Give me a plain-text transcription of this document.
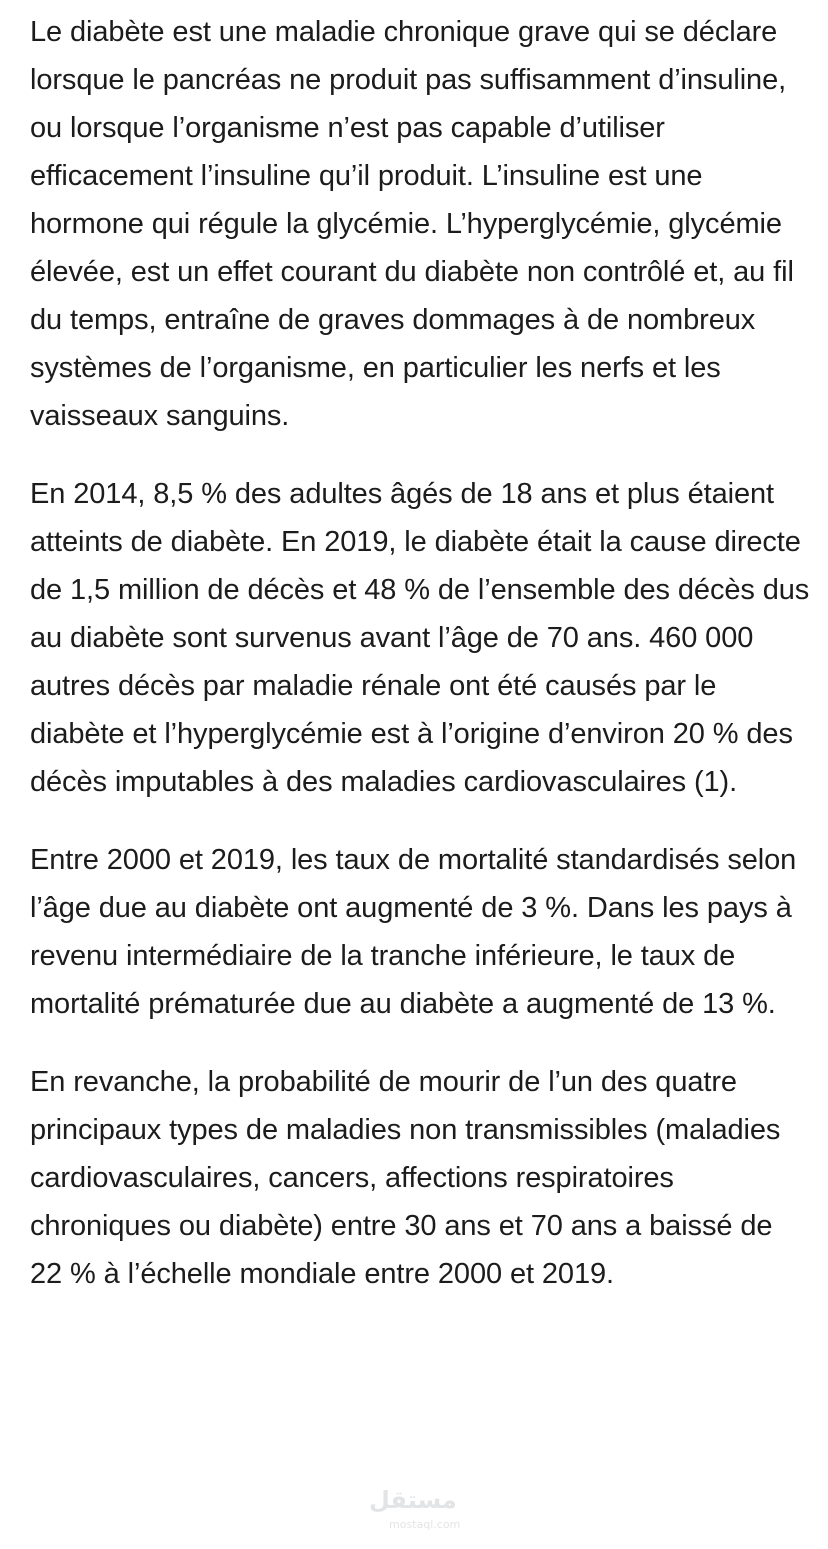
Le diabète est une maladie chronique grave qui se déclare lorsque le pancréas ne produit pas suffisamment d’insuline, ou lorsque l’organisme n’est pas capable d’utiliser efficacement l’insuline qu’il produit. L’insuline est une hormone qui régule la glycémie. L’hyperglycémie, glycémie élevée, est un effet courant du diabète non contrôlé et, au fil du temps, entraîne de graves dommages à de nombreux systèmes de l’organisme, en particulier les nerfs et les vaisseaux sanguins.

En 2014, 8,5 % des adultes âgés de 18 ans et plus étaient atteints de diabète. En 2019, le diabète était la cause directe de 1,5 million de décès et 48 % de l’ensemble des décès dus au diabète sont survenus avant l’âge de 70 ans. 460 000 autres décès par maladie rénale ont été causés par le diabète et l’hyperglycémie est à l’origine d’environ 20 % des décès imputables à des maladies cardiovasculaires (1).

Entre 2000 et 2019, les taux de mortalité standardisés selon l’âge due au diabète ont augmenté de 3 %. Dans les pays à revenu intermédiaire de la tranche inférieure, le taux de mortalité prématurée due au diabète a augmenté de 13 %.

En revanche, la probabilité de mourir de l’un des quatre principaux types de maladies non transmissibles (maladies cardiovasculaires, cancers, affections respiratoires chroniques ou diabète) entre 30 ans et 70 ans a baissé de 22 % à l’échelle mondiale entre 2000 et 2019.

مستقل
mostaql.com
